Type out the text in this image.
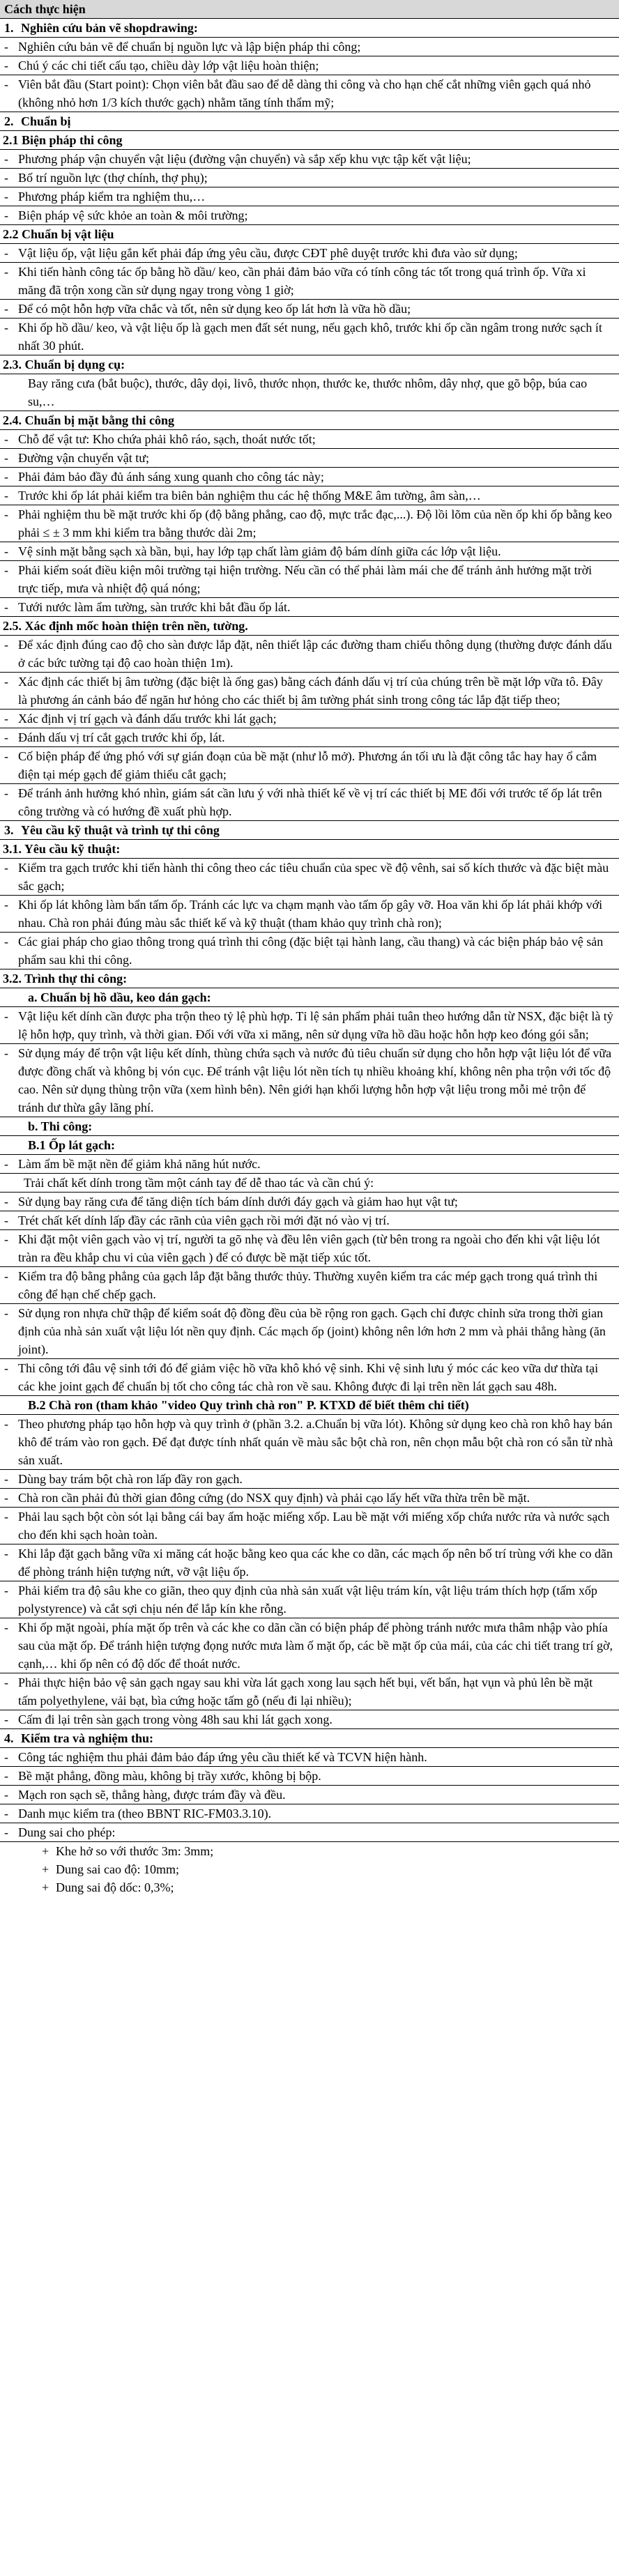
Cách thực hiện
1. Nghiên cứu bản vẽ shopdrawing:
- Nghiên cứu bản vẽ để chuẩn bị nguồn lực và lập biện pháp thi công;
- Chú ý các chi tiết cấu tạo, chiều dày lớp vật liệu hoàn thiện;
- Viên bắt đầu (Start point): Chọn viên bắt đầu sao để dễ dàng thi công và cho hạn chế cắt những viên gạch quá nhỏ (không nhỏ hơn 1/3 kích thước gạch) nhằm tăng tính thẩm mỹ;
2. Chuẩn bị
2.1 Biện pháp thi công
- Phương pháp vận chuyển vật liệu (đường vận chuyển) và sắp xếp khu vực tập kết vật liệu;
- Bố trí nguồn lực (thợ chính, thợ phụ);
- Phương pháp kiểm tra nghiệm thu,…
- Biện pháp vệ sức khỏe an toàn & môi trường;
2.2 Chuẩn bị vật liệu
- Vật liệu ốp, vật liệu gắn kết phải đáp ứng yêu cầu, được CĐT phê duyệt trước khi đưa vào sử dụng;
- Khi tiến hành công tác ốp bằng hồ dầu/ keo, cần phải đảm bảo vữa có tính công tác tốt trong quá trình ốp. Vữa xi măng đã trộn xong cần sử dụng ngay trong vòng 1 giờ;
- Để có một hỗn hợp vữa chắc và tốt, nên sử dụng keo ốp lát hơn là vữa hồ dầu;
- Khi ốp hồ dầu/ keo, và vật liệu ốp là gạch men đất sét nung, nếu gạch khô, trước khi ốp cần ngâm trong nước sạch ít nhất 30 phút.
2.3. Chuẩn bị dụng cụ:
Bay răng cưa (bắt buộc), thước, dây dọi, livô, thước nhọn, thước ke, thước nhôm, dây nhợ, que gõ bộp, búa cao su,…
2.4. Chuẩn bị mặt bằng thi công
- Chỗ để vật tư: Kho chứa phải khô ráo, sạch, thoát nước tốt;
- Đường vận chuyển vật tư;
- Phải đảm bảo đầy đủ ánh sáng xung quanh cho công tác này;
- Trước khi ốp lát phải kiểm tra biên bản nghiệm thu các hệ thống M&E âm tường, âm sàn,…
- Phải nghiệm thu bề mặt trước khi ốp (độ bằng phẳng, cao độ, mực trắc đạc,...). Độ lồi lõm của nền ốp khi ốp bằng keo phải ≤ ± 3 mm khi kiểm tra bằng thước dài 2m;
- Vệ sinh mặt bằng sạch xà bần, bụi, hay lớp tạp chất làm giảm độ bám dính giữa các lớp vật liệu.
- Phải kiểm soát điều kiện môi trường tại hiện trường. Nếu cần có thể phải làm mái che để tránh ảnh hưởng mặt trời trực tiếp, mưa và nhiệt độ quá nóng;
- Tưới nước làm ẩm tường, sàn trước khi bắt đầu ốp lát.
2.5. Xác định mốc hoàn thiện trên nền, tường.
- Để xác định đúng cao độ cho sàn được lắp đặt, nên thiết lập các đường tham chiếu thông dụng (thường được đánh dấu ở các bức tường tại độ cao hoàn thiện 1m).
- Xác định các thiết bị âm tường (đặc biệt là ống gas) bằng cách đánh dấu vị trí của chúng trên bề mặt lớp vữa tô. Đây là phương án cảnh báo để ngăn hư hỏng cho các thiết bị âm tường phát sinh trong công tác lắp đặt tiếp theo;
- Xác định vị trí gạch và đánh dấu trước khi lát gạch;
- Đánh dấu vị trí cắt gạch trước khi ốp, lát.
- Cố biện pháp để ứng phó với sự gián đoạn của bề mặt (như lỗ mở). Phương án tối ưu là đặt công tắc hay hay ổ cắm điện tại mép gạch để giảm thiểu cắt gạch;
- Để tránh ảnh hưởng khó nhìn, giám sát cần lưu ý với nhà thiết kế về vị trí các thiết bị ME đối với trước tế ốp lát trên công trường và có hướng đề xuất phù hợp.
3. Yêu cầu kỹ thuật và trình tự thi công
3.1. Yêu cầu kỹ thuật:
- Kiểm tra gạch trước khi tiến hành thi công theo các tiêu chuẩn của spec về độ vênh, sai số kích thước và đặc biệt màu sắc gạch;
- Khi ốp lát không làm bẩn tấm ốp. Tránh các lực va chạm mạnh vào tấm ốp gây vỡ. Hoa văn khi ốp lát phải khớp với nhau. Chà ron phải đúng màu sắc thiết kế và kỹ thuật (tham khảo quy trình chà ron);
- Các giai pháp cho giao thông trong quá trình thi công (đặc biệt tại hành lang, cầu thang) và các biện pháp bảo vệ sản phẩm sau khi thi công.
3.2. Trình thự thi công:
a. Chuẩn bị hồ dầu, keo dán gạch:
- Vật liệu kết dính cần được pha trộn theo tỷ lệ phù hợp. Tỉ lệ sản phẩm phải tuân theo hướng dẫn từ NSX, đặc biệt là tỷ lệ hỗn hợp, quy trình, và thời gian. Đối với vữa xi măng, nên sử dụng vữa hồ dầu hoặc hỗn hợp keo đóng gói sẵn;
- Sử dụng máy để trộn vật liệu kết dính, thùng chứa sạch và nước đủ tiêu chuẩn sử dụng cho hỗn hợp vật liệu lót để vữa được đồng chất và không bị vón cục. Để tránh vật liệu lót nền tích tụ nhiều khoảng khí, không nên pha trộn với tốc độ cao. Nên sử dụng thùng trộn vữa (xem hình bên). Nên giới hạn khối lượng hỗn hợp vật liệu trong mỗi mẻ trộn để tránh dư thừa gây lãng phí.
b. Thi công:
B.1 Ốp lát gạch:
- Làm ẩm bề mặt nền để giảm khả năng hút nước.
Trải chất kết dính trong tầm một cánh tay để dễ thao tác và cần chú ý:
- Sử dụng bay răng cưa để tăng diện tích bám dính dưới đáy gạch và giảm hao hụt vật tư;
- Trét chất kết dính lấp đầy các rãnh của viên gạch rồi mới đặt nó vào vị trí.
- Khi đặt một viên gạch vào vị trí, người ta gõ nhẹ và đều lên viên gạch (từ bên trong ra ngoài cho đến khi vật liệu lót tràn ra đều khắp chu vi của viên gạch ) để có được bề mặt tiếp xúc tốt.
- Kiểm tra độ bằng phẳng của gạch lắp đặt bằng thước thủy. Thường xuyên kiểm tra các mép gạch trong quá trình thi công để hạn chế chếp gạch.
- Sử dụng ron nhựa chữ thập để kiểm soát độ đồng đều của bề rộng ron gạch. Gạch chỉ được chỉnh sửa trong thời gian định của nhà sản xuất vật liệu lót nền quy định. Các mạch ốp (joint) không nên lớn hơn 2 mm và phải thẳng hàng (ăn joint).
- Thi công tới đâu vệ sinh tới đó để giảm việc hồ vữa khô khó vệ sinh. Khi vệ sinh lưu ý móc các keo vữa dư thừa tại các khe joint gạch để chuẩn bị tốt cho công tác chà ron về sau. Không được đi lại trên nền lát gạch sau 48h.
B.2 Chà ron (tham khảo "video Quy trình chà ron" P. KTXD để biết thêm chi tiết)
- Theo phương pháp tạo hỗn hợp và quy trình ở (phần 3.2. a.Chuẩn bị vữa lót). Không sử dụng keo chà ron khô hay bán khô để trám vào ron gạch. Để đạt được tính nhất quán về màu sắc bột chà ron, nên chọn mẫu bột chà ron có sẵn từ nhà sản xuất.
- Dùng bay trám bột chà ron lấp đầy ron gạch.
- Chà ron cần phải đủ thời gian đông cứng (do NSX quy định) và phải cạo lấy hết vữa thừa trên bề mặt.
- Phải lau sạch bột còn sót lại bằng cái bay ấm hoặc miếng xốp. Lau bề mặt với miếng xốp chứa nước rửa và nước sạch cho đến khi sạch hoàn toàn.
- Khi lắp đặt gạch bằng vữa xi măng cát hoặc bằng keo qua các khe co dãn, các mạch ốp nên bố trí trùng với khe co dãn để phòng tránh hiện tượng nứt, vỡ vật liệu ốp.
- Phải kiểm tra độ sâu khe co giãn, theo quy định của nhà sản xuất vật liệu trám kín, vật liệu trám thích hợp (tấm xốp polystyrence) và cắt sợi chịu nén để lắp kín khe rỗng.
- Khi ốp mặt ngoài, phía mặt ốp trên và các khe co dãn cần có biện pháp để phòng tránh nước mưa thâm nhập vào phía sau của mặt ốp. Để tránh hiện tượng đọng nước mưa làm ố mặt ốp, các bề mặt ốp của mái, của các chi tiết trang trí gờ, cạnh,… khi ốp nên có độ dốc để thoát nước.
- Phải thực hiện bảo vệ sản gạch ngay sau khi vừa lát gạch xong lau sạch hết bụi, vết bẩn, hạt vụn và phủ lên bề mặt tấm polyethylene, vải bạt, bìa cứng hoặc tấm gỗ (nếu đi lại nhiều);
- Cấm đi lại trên sàn gạch trong vòng 48h sau khi lát gạch xong.
4. Kiểm tra và nghiệm thu:
- Công tác nghiệm thu phải đảm bảo đáp ứng yêu cầu thiết kế và TCVN hiện hành.
- Bề mặt phẳng, đồng màu, không bị trầy xước, không bị bộp.
- Mạch ron sạch sẽ, thẳng hàng, được trám đầy và đều.
- Danh mục kiểm tra (theo BBNT RIC-FM03.3.10).
- Dung sai cho phép:
+ Khe hở so với thước 3m: 3mm;
+ Dung sai cao độ: 10mm;
+ Dung sai độ dốc: 0,3%;
